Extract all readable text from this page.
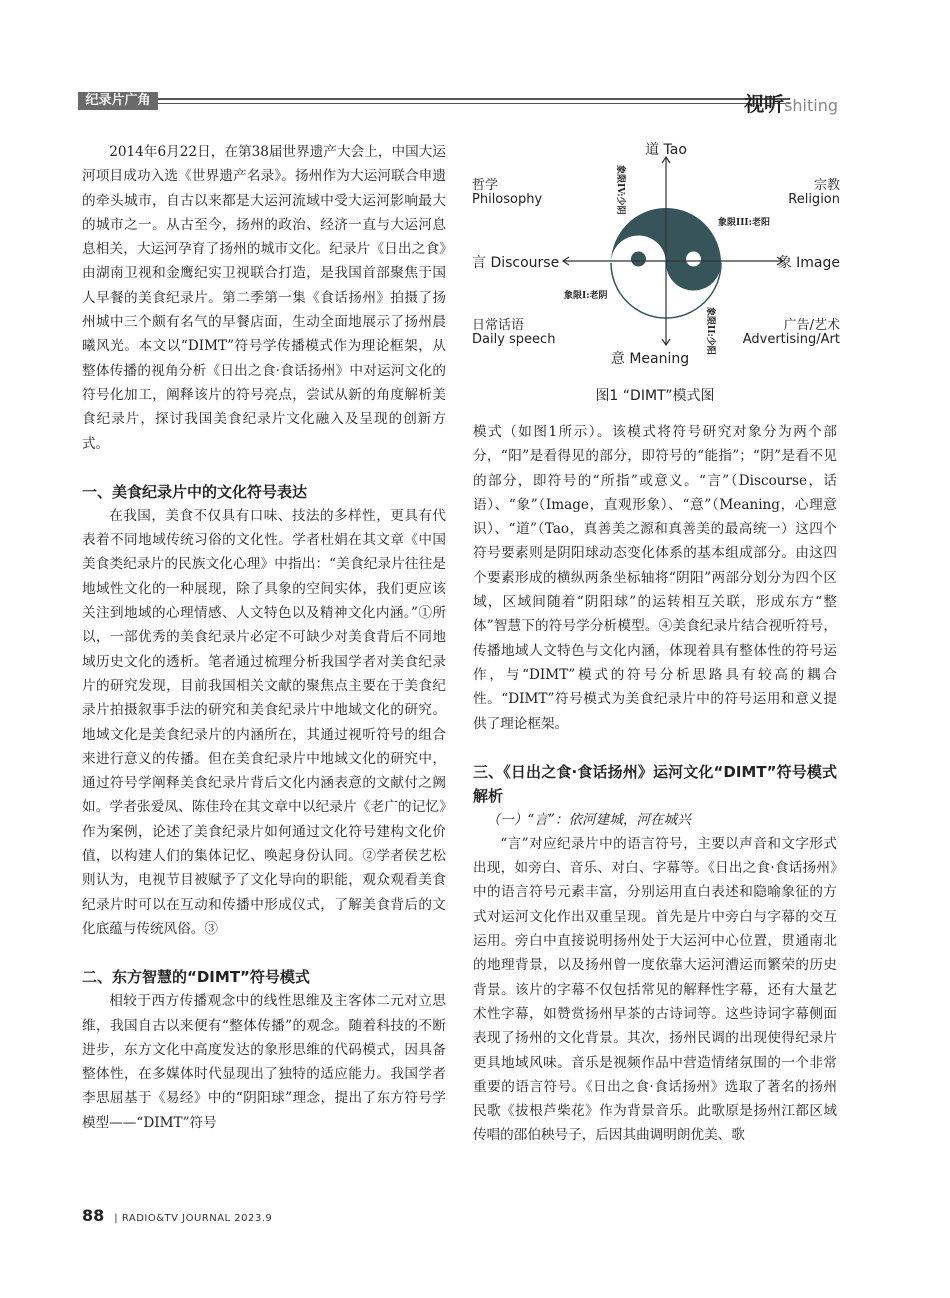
纪录片广角	视听shiting

2014年6月22日，在第38届世界遗产大会上，中国大运河项目成功入选《世界遗产名录》。扬州作为大运河联合申遗的牵头城市，自古以来都是大运河流域中受大运河影响最大的城市之一。从古至今，扬州的政治、经济一直与大运河息息相关，大运河孕育了扬州的城市文化。纪录片《日出之食》由湖南卫视和金鹰纪实卫视联合打造，是我国首部聚焦于国人早餐的美食纪录片。第二季第一集《食话扬州》拍摄了扬州城中三个颇有名气的早餐店面，生动全面地展示了扬州晨曦风光。本文以“DIMT”符号学传播模式作为理论框架，从整体传播的视角分析《日出之食·食话扬州》中对运河文化的符号化加工，阐释该片的符号亮点，尝试从新的角度解析美食纪录片，探讨我国美食纪录片文化融入及呈现的创新方式。

一、美食纪录片中的文化符号表达

在我国，美食不仅具有口味、技法的多样性，更具有代表着不同地域传统习俗的文化性。学者杜娟在其文章《中国美食类纪录片的民族文化心理》中指出：“美食纪录片往往是地域性文化的一种展现，除了具象的空间实体，我们更应该关注到地域的心理情感、人文特色以及精神文化内涵。”①所以，一部优秀的美食纪录片必定不可缺少对美食背后不同地域历史文化的透析。笔者通过梳理分析我国学者对美食纪录片的研究发现，目前我国相关文献的聚焦点主要在于美食纪录片拍摄叙事手法的研究和美食纪录片中地域文化的研究。地域文化是美食纪录片的内涵所在，其通过视听符号的组合来进行意义的传播。但在美食纪录片中地域文化的研究中，通过符号学阐释美食纪录片背后文化内涵表意的文献付之阙如。学者张爱凤、陈佳玲在其文章中以纪录片《老广的记忆》作为案例，论述了美食纪录片如何通过文化符号建构文化价值，以构建人们的集体记忆、唤起身份认同。②学者侯艺松则认为，电视节目被赋予了文化导向的职能，观众观看美食纪录片时可以在互动和传播中形成仪式，了解美食背后的文化底蕴与传统风俗。③

二、东方智慧的“DIMT”符号模式

相较于西方传播观念中的线性思维及主客体二元对立思维，我国自古以来便有“整体传播”的观念。随着科技的不断进步，东方文化中高度发达的象形思维的代码模式，因具备整体性，在多媒体时代显现出了独特的适应能力。我国学者李思屈基于《易经》中的“阴阳球”理念，提出了东方符号学模型——“DIMT”符号

道 Tao
意 Meaning
言 Discourse	象 Image
哲学
Philosophy
宗教
Religion
日常话语
Daily speech
广告/艺术
Advertising/Art
象限I:老阴
象限III:老阳
象限IV:少阴
象限II:少阳
图1 “DIMT”模式图

模式（如图1所示）。该模式将符号研究对象分为两个部分，“阳”是看得见的部分，即符号的“能指”；“阴”是看不见的部分，即符号的“所指”或意义。“言”（Discourse，话语）、“象”（Image，直观形象）、“意”（Meaning，心理意识）、“道”（Tao，真善美之源和真善美的最高统一）这四个符号要素则是阴阳球动态变化体系的基本组成部分。由这四个要素形成的横纵两条坐标轴将“阴阳”两部分划分为四个区域，区域间随着“阴阳球”的运转相互关联，形成东方“整体”智慧下的符号学分析模型。④美食纪录片结合视听符号，传播地域人文特色与文化内涵，体现着具有整体性的符号运作，与“DIMT”模式的符号分析思路具有较高的耦合性。“DIMT”符号模式为美食纪录片中的符号运用和意义提供了理论框架。

三、《日出之食·食话扬州》运河文化“DIMT”符号模式解析
（一）“言”：依河建城，河在城兴

“言”对应纪录片中的语言符号，主要以声音和文字形式出现，如旁白、音乐、对白、字幕等。《日出之食·食话扬州》中的语言符号元素丰富，分别运用直白表述和隐喻象征的方式对运河文化作出双重呈现。首先是片中旁白与字幕的交互运用。旁白中直接说明扬州处于大运河中心位置，贯通南北的地理背景，以及扬州曾一度依靠大运河漕运而繁荣的历史背景。该片的字幕不仅包括常见的解释性字幕，还有大量艺术性字幕，如赞赏扬州早茶的古诗词等。这些诗词字幕侧面表现了扬州的文化背景。其次，扬州民调的出现使得纪录片更具地域风味。音乐是视频作品中营造情绪氛围的一个非常重要的语言符号。《日出之食·食话扬州》选取了著名的扬州民歌《拔根芦柴花》作为背景音乐。此歌原是扬州江都区域传唱的邵伯秧号子，后因其曲调明朗优美、歌

88 | RADIO&TV JOURNAL 2023.9
